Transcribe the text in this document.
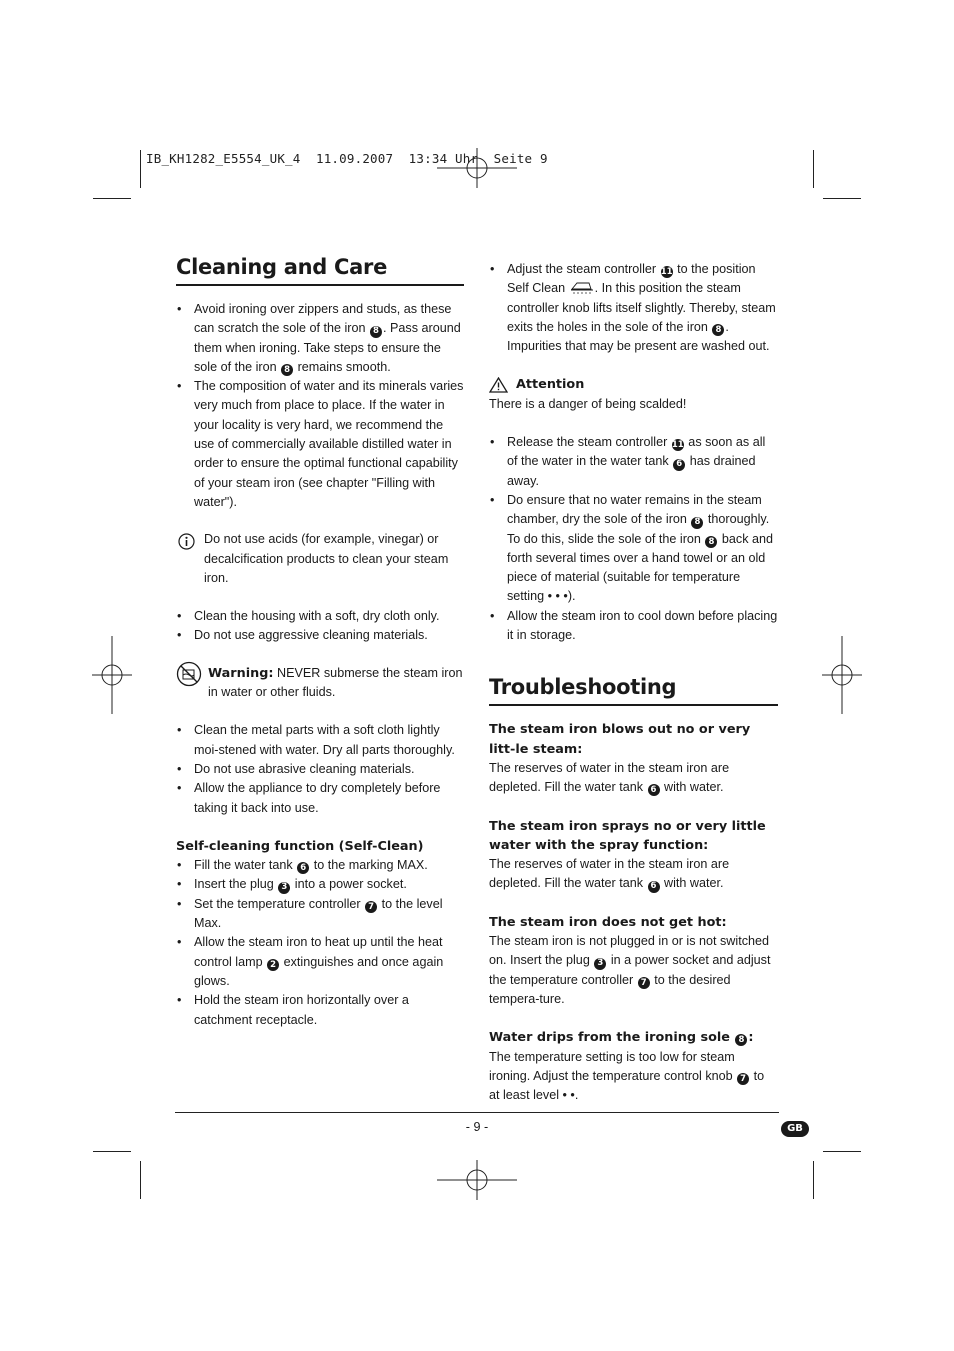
IB_KH1282_E5554_UK_4  11.09.2007  13:34 Uhr  Seite 9
Cleaning and Care
• Avoid ironing over zippers and studs, as these can scratch the sole of the iron 8 . Pass around them when ironing. Take steps to ensure the sole of the iron 8 remains smooth.
• The composition of water and its minerals varies very much from place to place. If the water in your locality is very hard, we recommend the use of commercially available distilled water in order to ensure the optimal functional capability of your steam iron (see chapter "Filling with water").
Do not use acids (for example, vinegar) or decalcification products to clean your steam iron.
• Clean the housing with a soft, dry cloth only.
• Do not use aggressive cleaning materials.
Warning: NEVER submerse the steam iron in water or other fluids.
• Clean the metal parts with a soft cloth lightly moi-stened with water. Dry all parts thoroughly.
• Do not use abrasive cleaning materials.
• Allow the appliance to dry completely before taking it back into use.

Self-cleaning function (Self-Clean)

• Fill the water tank 6 to the marking MAX.
• Insert the plug 3 into a power socket.
• Set the temperature controller 7 to the level Max.
• Allow the steam iron to heat up until the heat control lamp 2 extinguishes and once again glows.
• Hold the steam iron horizontally over a catchment receptacle.
• Adjust the steam controller 11 to the position Self Clean . In this position the steam controller knob lifts itself slightly. Thereby, steam exits the holes in the sole of the iron 8 . Impurities that may be present are washed out.
Attention

There is a danger of being scalded!

• Release the steam controller 11 as soon as all of the water in the water tank 6 has drained away.
• Do ensure that no water remains in the steam chamber, dry the sole of the iron 8 thoroughly. To do this, slide the sole of the iron 8 back and forth several times over a hand towel or an old piece of material (suitable for temperature setting • • •).
• Allow the steam iron to cool down before placing it in storage.
Troubleshooting

The steam iron blows out no or very litt-le steam:

The reserves of water in the steam iron are depleted. Fill the water tank 6 with water.

The steam iron sprays no or very little water with the spray function:

The reserves of water in the steam iron are depleted. Fill the water tank 6 with water.

The steam iron does not get hot:

The steam iron is not plugged in or is not switched on. Insert the plug 3 in a power socket and adjust the temperature controller 7 to the desired tempera-ture.

Water drips from the ironing sole 8 :

The temperature setting is too low for steam ironing. Adjust the temperature control knob 7 to at least level • •.

- 9 -	GB
